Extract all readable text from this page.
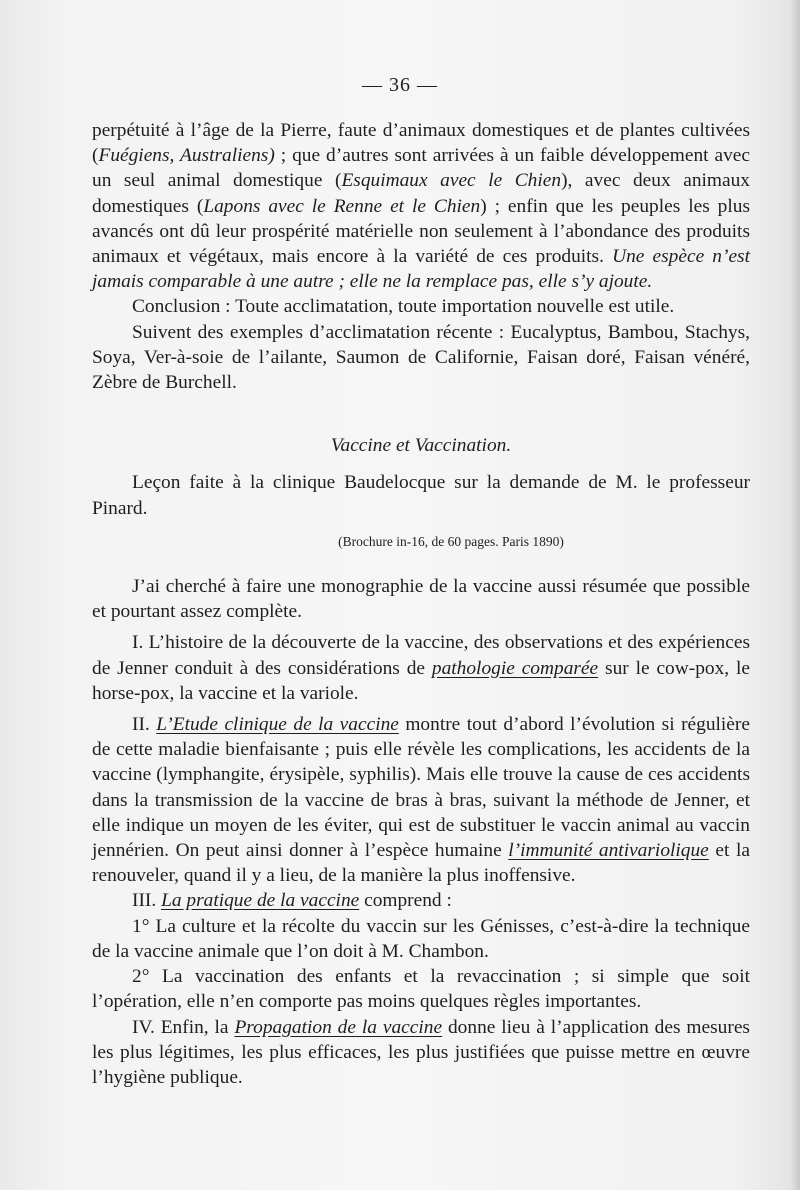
— 36 —

perpétuité à l’âge de la Pierre, faute d’animaux domestiques et de plantes cultivées (Fuégiens, Australiens) ; que d’autres sont arrivées à un faible développement avec un seul animal domestique (Esquimaux avec le Chien), avec deux animaux domestiques (Lapons avec le Renne et le Chien) ; enfin que les peuples les plus avancés ont dû leur prospérité matérielle non seulement à l’abondance des produits animaux et végétaux, mais encore à la variété de ces produits. Une espèce n’est jamais comparable à une autre ; elle ne la remplace pas, elle s’y ajoute.

Conclusion : Toute acclimatation, toute importation nouvelle est utile.

Suivent des exemples d’acclimatation récente : Eucalyptus, Bambou, Stachys, Soya, Ver-à-soie de l’ailante, Saumon de Californie, Faisan doré, Faisan vénéré, Zèbre de Burchell.

Vaccine et Vaccination.

Leçon faite à la clinique Baudelocque sur la demande de M. le professeur Pinard.

(Brochure in-16, de 60 pages. Paris 1890)

J’ai cherché à faire une monographie de la vaccine aussi résumée que possible et pourtant assez complète.

I. L’histoire de la découverte de la vaccine, des observations et des expériences de Jenner conduit à des considérations de pathologie comparée sur le cow-pox, le horse-pox, la vaccine et la variole.

II. L’Etude clinique de la vaccine montre tout d’abord l’évolution si régulière de cette maladie bienfaisante ; puis elle révèle les complications, les accidents de la vaccine (lymphangite, érysipèle, syphilis). Mais elle trouve la cause de ces accidents dans la transmission de la vaccine de bras à bras, suivant la méthode de Jenner, et elle indique un moyen de les éviter, qui est de substituer le vaccin animal au vaccin jennérien. On peut ainsi donner à l’espèce humaine l’immunité antivariolique et la renouveler, quand il y a lieu, de la manière la plus inoffensive.

III. La pratique de la vaccine comprend :

1° La culture et la récolte du vaccin sur les Génisses, c’est-à-dire la technique de la vaccine animale que l’on doit à M. Chambon.

2° La vaccination des enfants et la revaccination ; si simple que soit l’opération, elle n’en comporte pas moins quelques règles importantes.

IV. Enfin, la Propagation de la vaccine donne lieu à l’application des mesures les plus légitimes, les plus efficaces, les plus justifiées que puisse mettre en œuvre l’hygiène publique.
